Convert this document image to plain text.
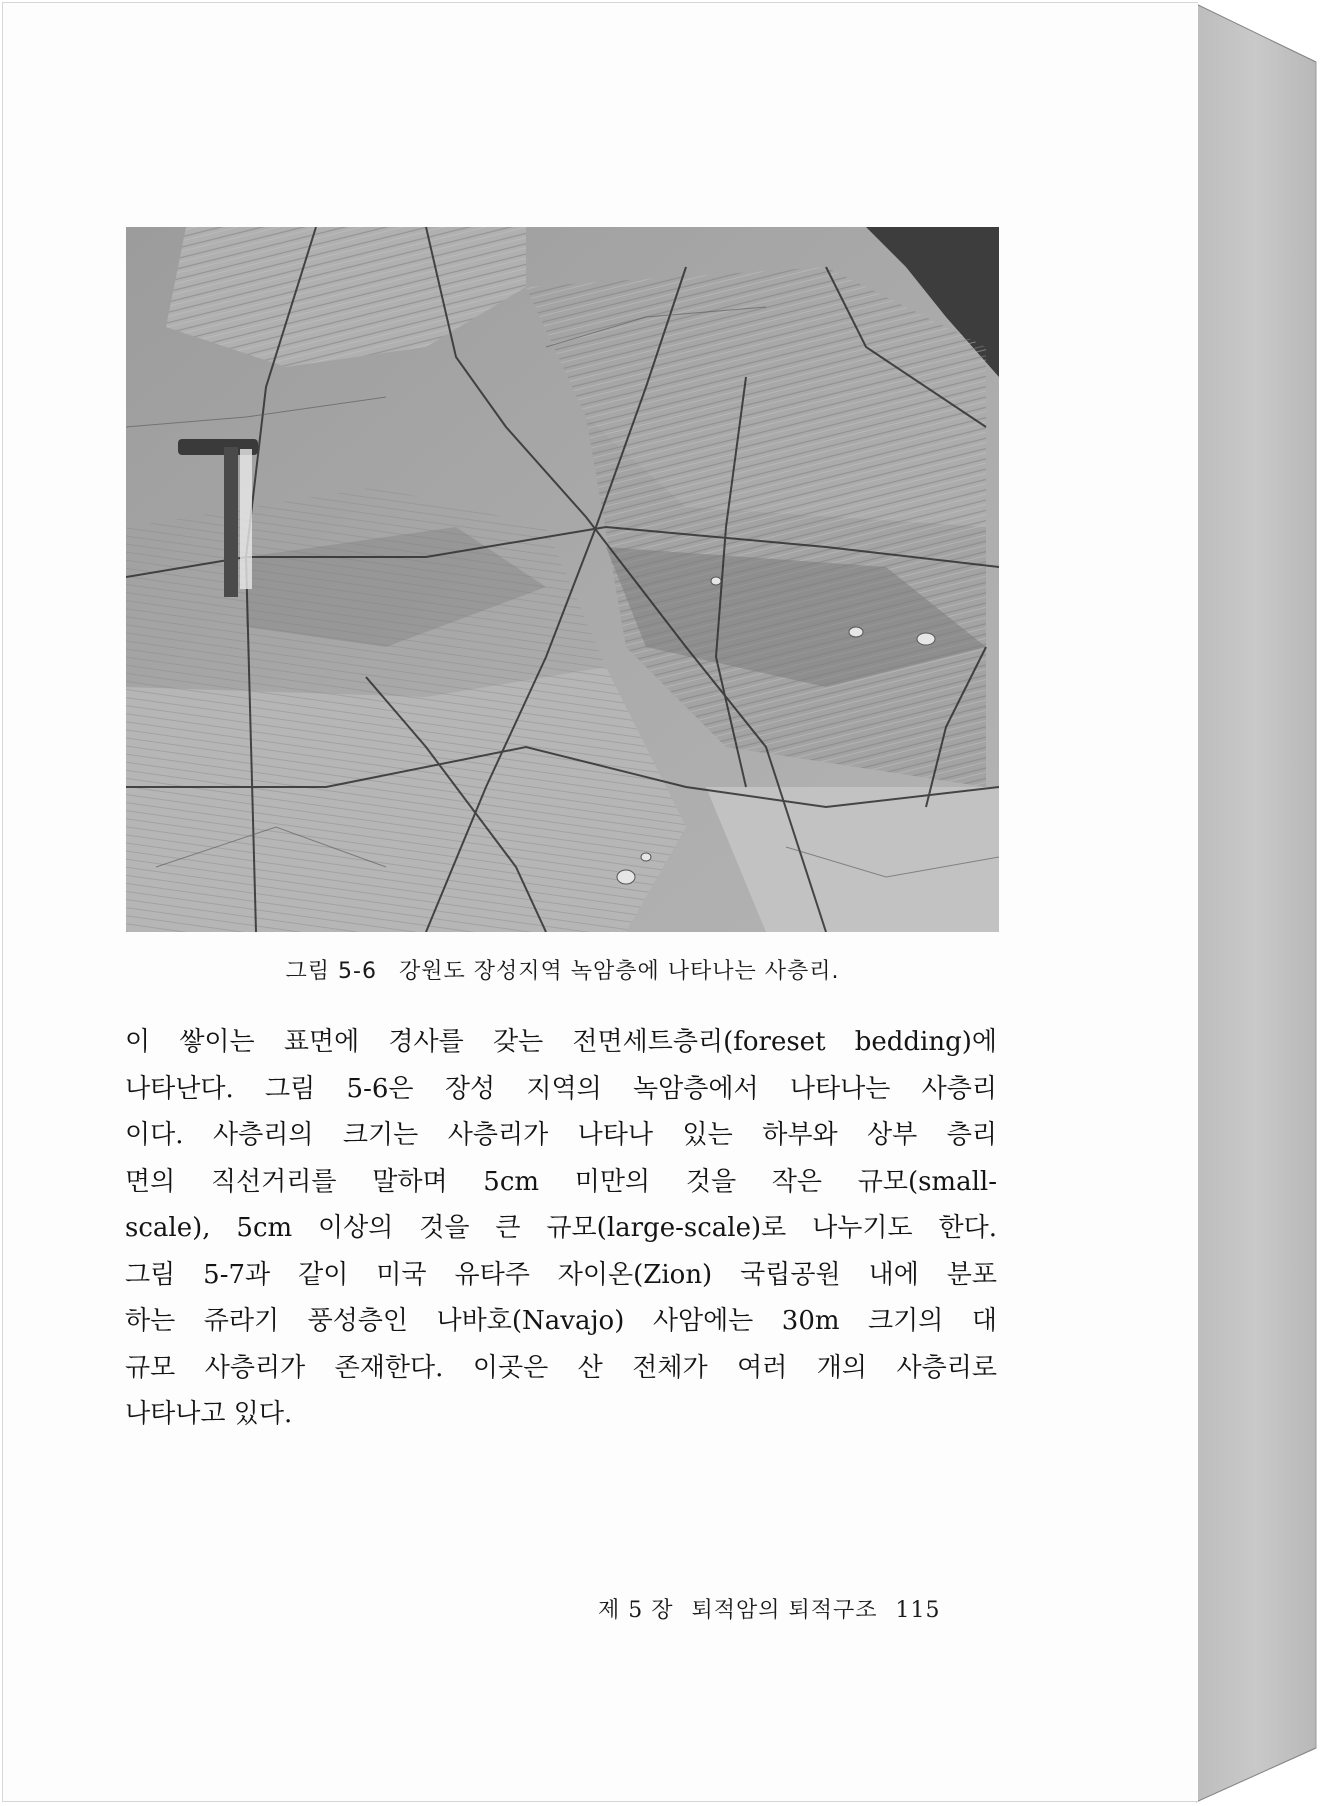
그림 5-6 강원도 장성지역 녹암층에 나타나는 사층리.
이 쌓이는 표면에 경사를 갖는 전면세트층리(foreset bedding)에
나타난다. 그림 5-6은 장성 지역의 녹암층에서 나타나는 사층리
이다. 사층리의 크기는 사층리가 나타나 있는 하부와 상부 층리
면의 직선거리를 말하며 5cm 미만의 것을 작은 규모(small-
scale), 5cm 이상의 것을 큰 규모(large-scale)로 나누기도 한다.
그림 5-7과 같이 미국 유타주 자이온(Zion) 국립공원 내에 분포
하는 쥬라기 풍성층인 나바호(Navajo) 사암에는 30m 크기의 대
규모 사층리가 존재한다. 이곳은 산 전체가 여러 개의 사층리로
나타나고 있다.
제 5 장 퇴적암의 퇴적구조 115
